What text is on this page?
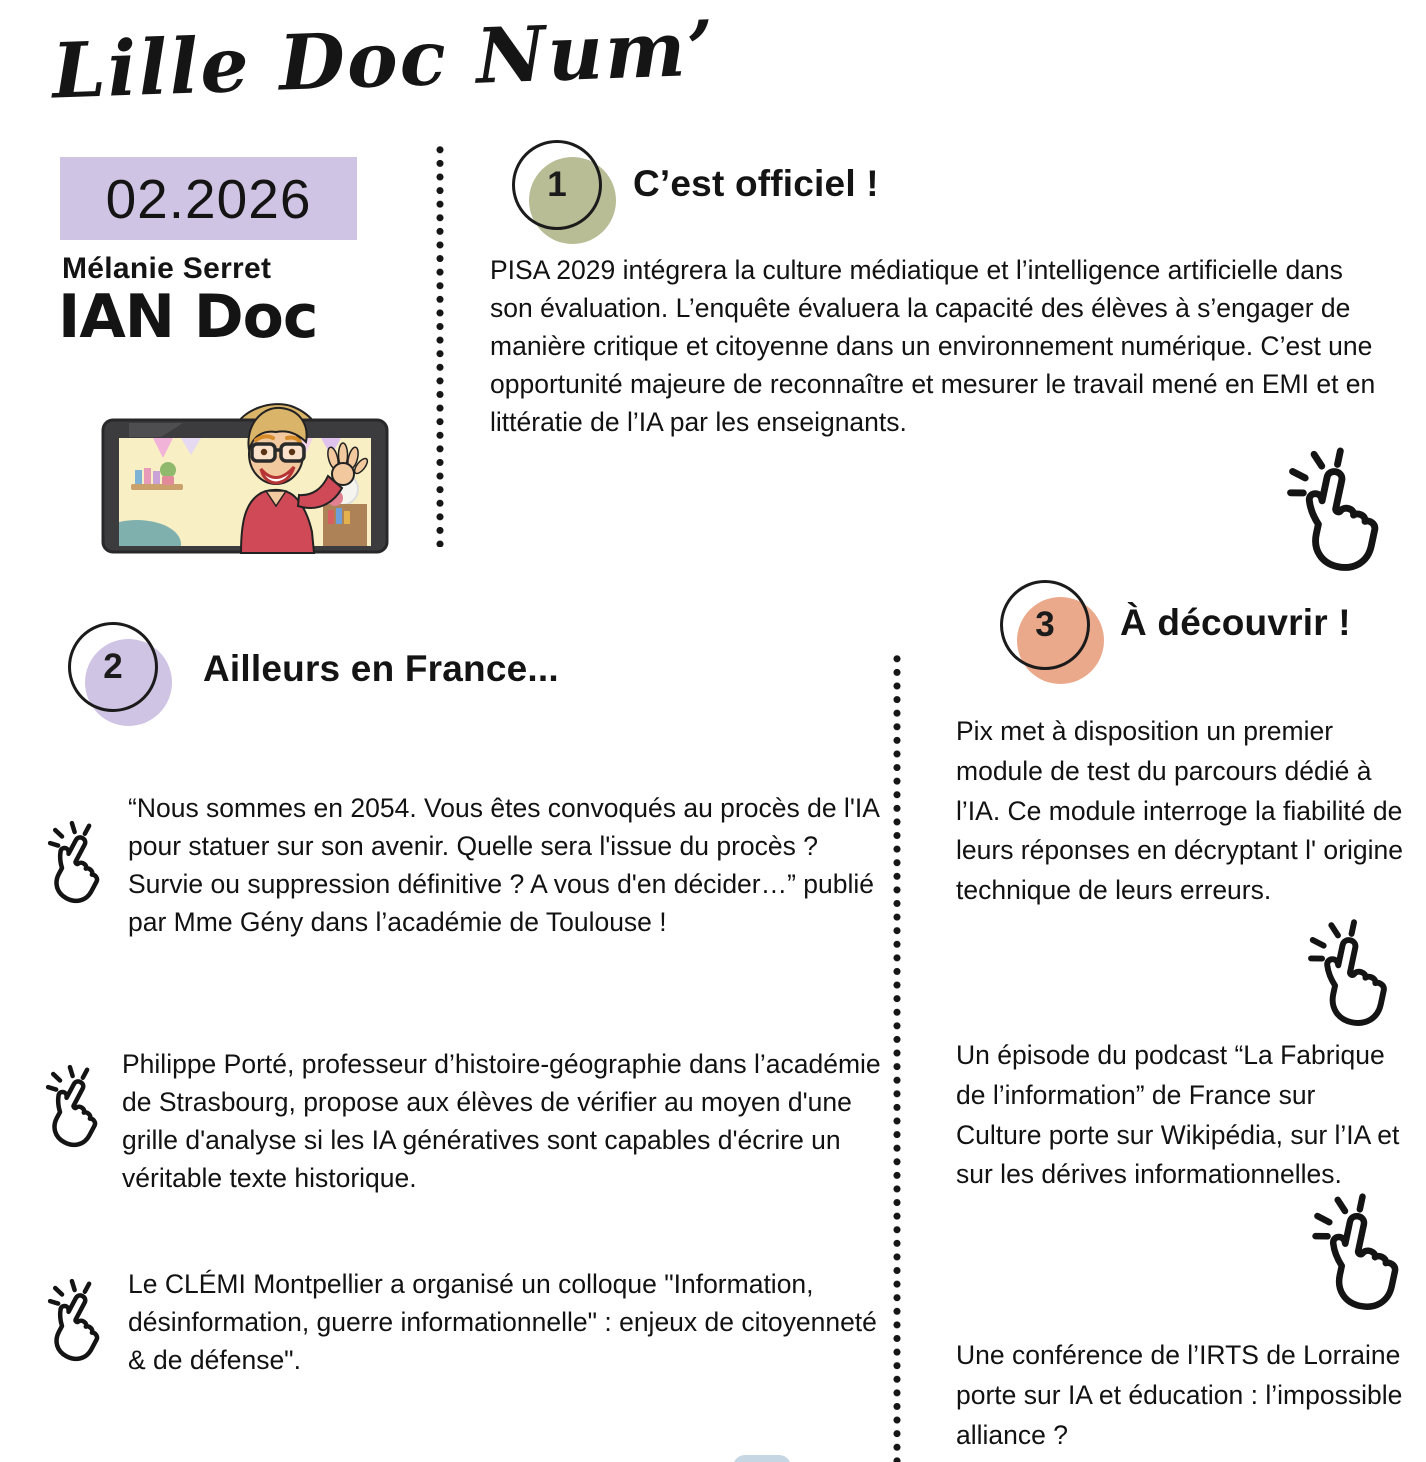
Lille Doc Num’
02.2026
Mélanie Serret
IAN Doc
1	C’est officiel !
PISA 2029 intégrera la culture médiatique et l’intelligence artificielle dans son évaluation. L’enquête évaluera la capacité des élèves à s’engager de manière critique et citoyenne dans un environnement numérique. C’est une opportunité majeure de reconnaître et mesurer le travail mené en EMI et en littératie de l’IA par les enseignants.
2	Ailleurs en France...
“Nous sommes en 2054. Vous êtes convoqués au procès de l'IA pour statuer sur son avenir. Quelle sera l'issue du procès ? Survie ou suppression définitive ? A vous d'en décider…” publié par Mme Gény dans l’académie de Toulouse !
Philippe Porté, professeur d’histoire-géographie dans l’académie de Strasbourg, propose aux élèves de vérifier au moyen d'une grille d'analyse si les IA génératives sont capables d'écrire un véritable texte historique.
Le CLÉMI Montpellier a organisé un colloque "Information, désinformation, guerre informationnelle" : enjeux de citoyenneté & de défense".
3	À découvrir !
Pix met à disposition un premier module de test du parcours dédié à l’IA. Ce module interroge la fiabilité de leurs réponses en décryptant l' origine technique de leurs erreurs.
Un épisode du podcast “La Fabrique de l’information” de France sur Culture porte sur Wikipédia, sur l’IA et sur les dérives informationnelles.
Une conférence de l’IRTS de Lorraine porte sur IA et éducation : l’impossible alliance ?
